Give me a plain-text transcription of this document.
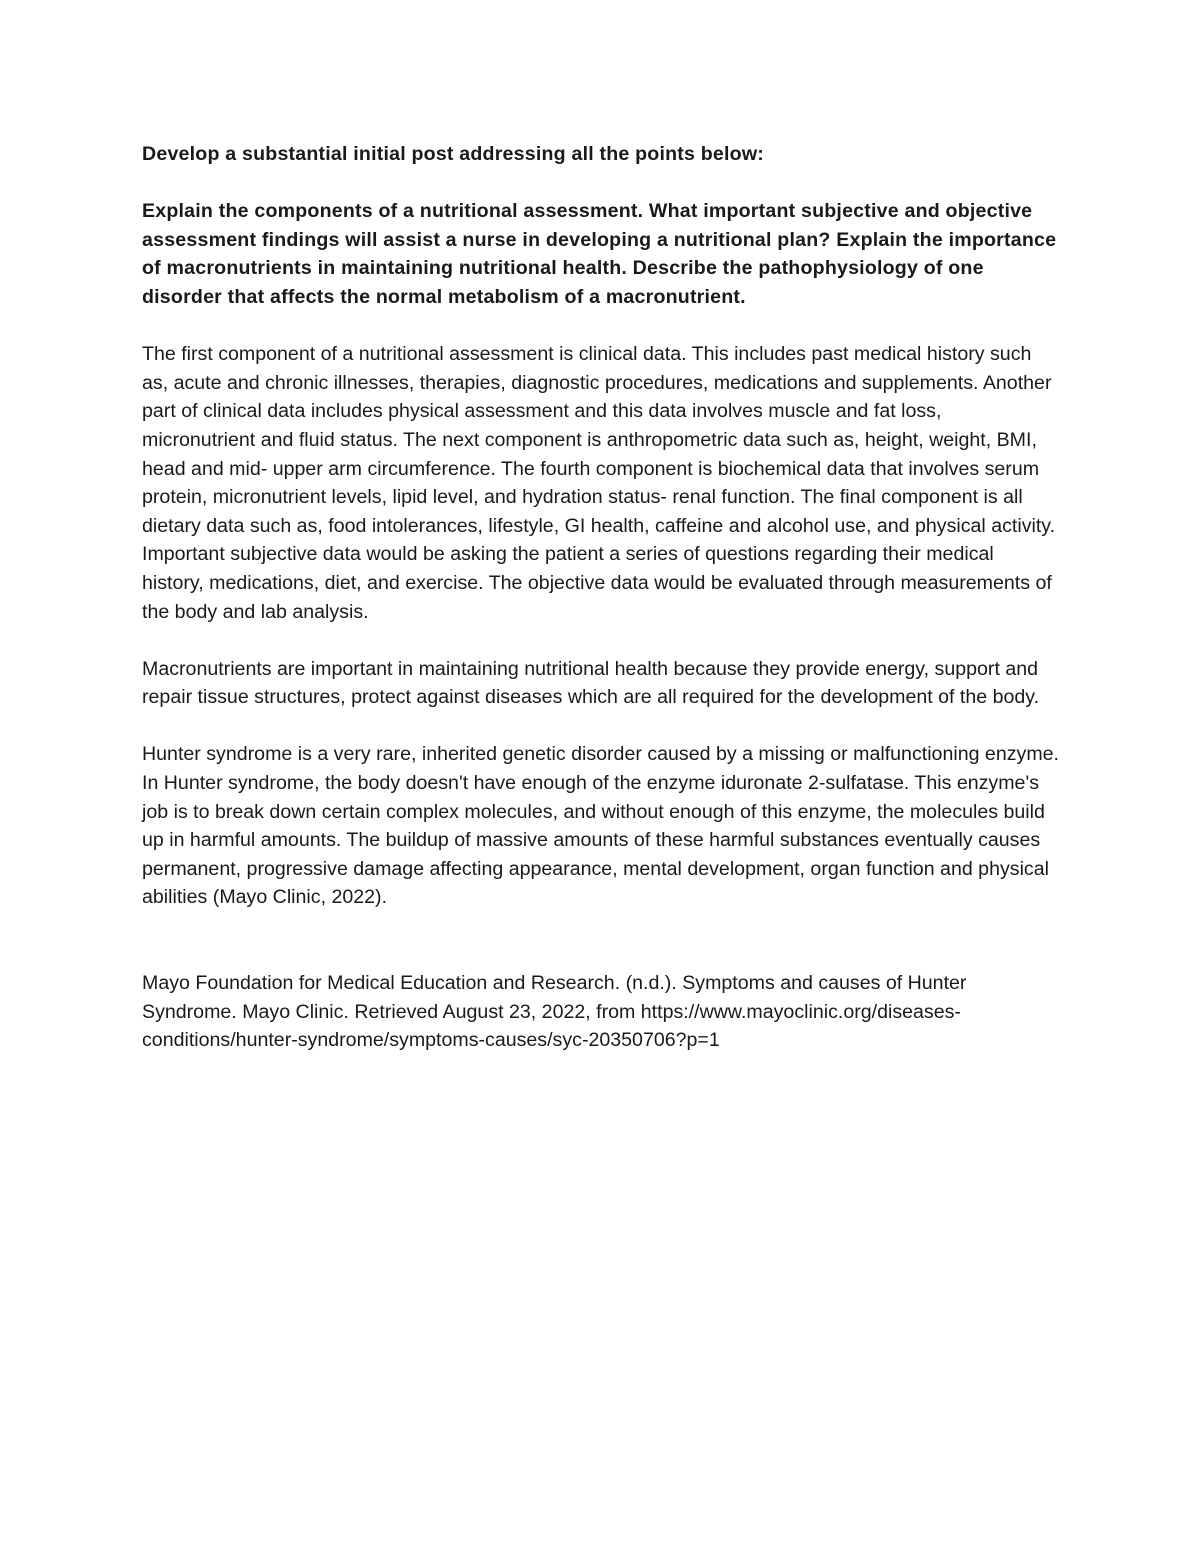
Develop a substantial initial post addressing all the points below:

Explain the components of a nutritional assessment. What important subjective and objective assessment findings will assist a nurse in developing a nutritional plan? Explain the importance of macronutrients in maintaining nutritional health. Describe the pathophysiology of one disorder that affects the normal metabolism of a macronutrient.

The first component of a nutritional assessment is clinical data. This includes past medical history such as, acute and chronic illnesses, therapies, diagnostic procedures, medications and supplements. Another part of clinical data includes physical assessment and this data involves muscle and fat loss, micronutrient and fluid status. The next component is anthropometric data such as, height, weight, BMI, head and mid- upper arm circumference. The fourth component is biochemical data that involves serum protein, micronutrient levels, lipid level, and hydration status- renal function. The final component is all dietary data such as, food intolerances, lifestyle, GI health, caffeine and alcohol use, and physical activity. Important subjective data would be asking the patient a series of questions regarding their medical history, medications, diet, and exercise. The objective data would be evaluated through measurements of the body and lab analysis.

Macronutrients are important in maintaining nutritional health because they provide energy, support and repair tissue structures, protect against diseases which are all required for the development of the body.

Hunter syndrome is a very rare, inherited genetic disorder caused by a missing or malfunctioning enzyme. In Hunter syndrome, the body doesn't have enough of the enzyme iduronate 2-sulfatase. This enzyme's job is to break down certain complex molecules, and without enough of this enzyme, the molecules build up in harmful amounts. The buildup of massive amounts of these harmful substances eventually causes permanent, progressive damage affecting appearance, mental development, organ function and physical abilities (Mayo Clinic, 2022).

Mayo Foundation for Medical Education and Research. (n.d.). Symptoms and causes of Hunter Syndrome. Mayo Clinic. Retrieved August 23, 2022, from https://www.mayoclinic.org/diseases-conditions/hunter-syndrome/symptoms-causes/syc-20350706?p=1
